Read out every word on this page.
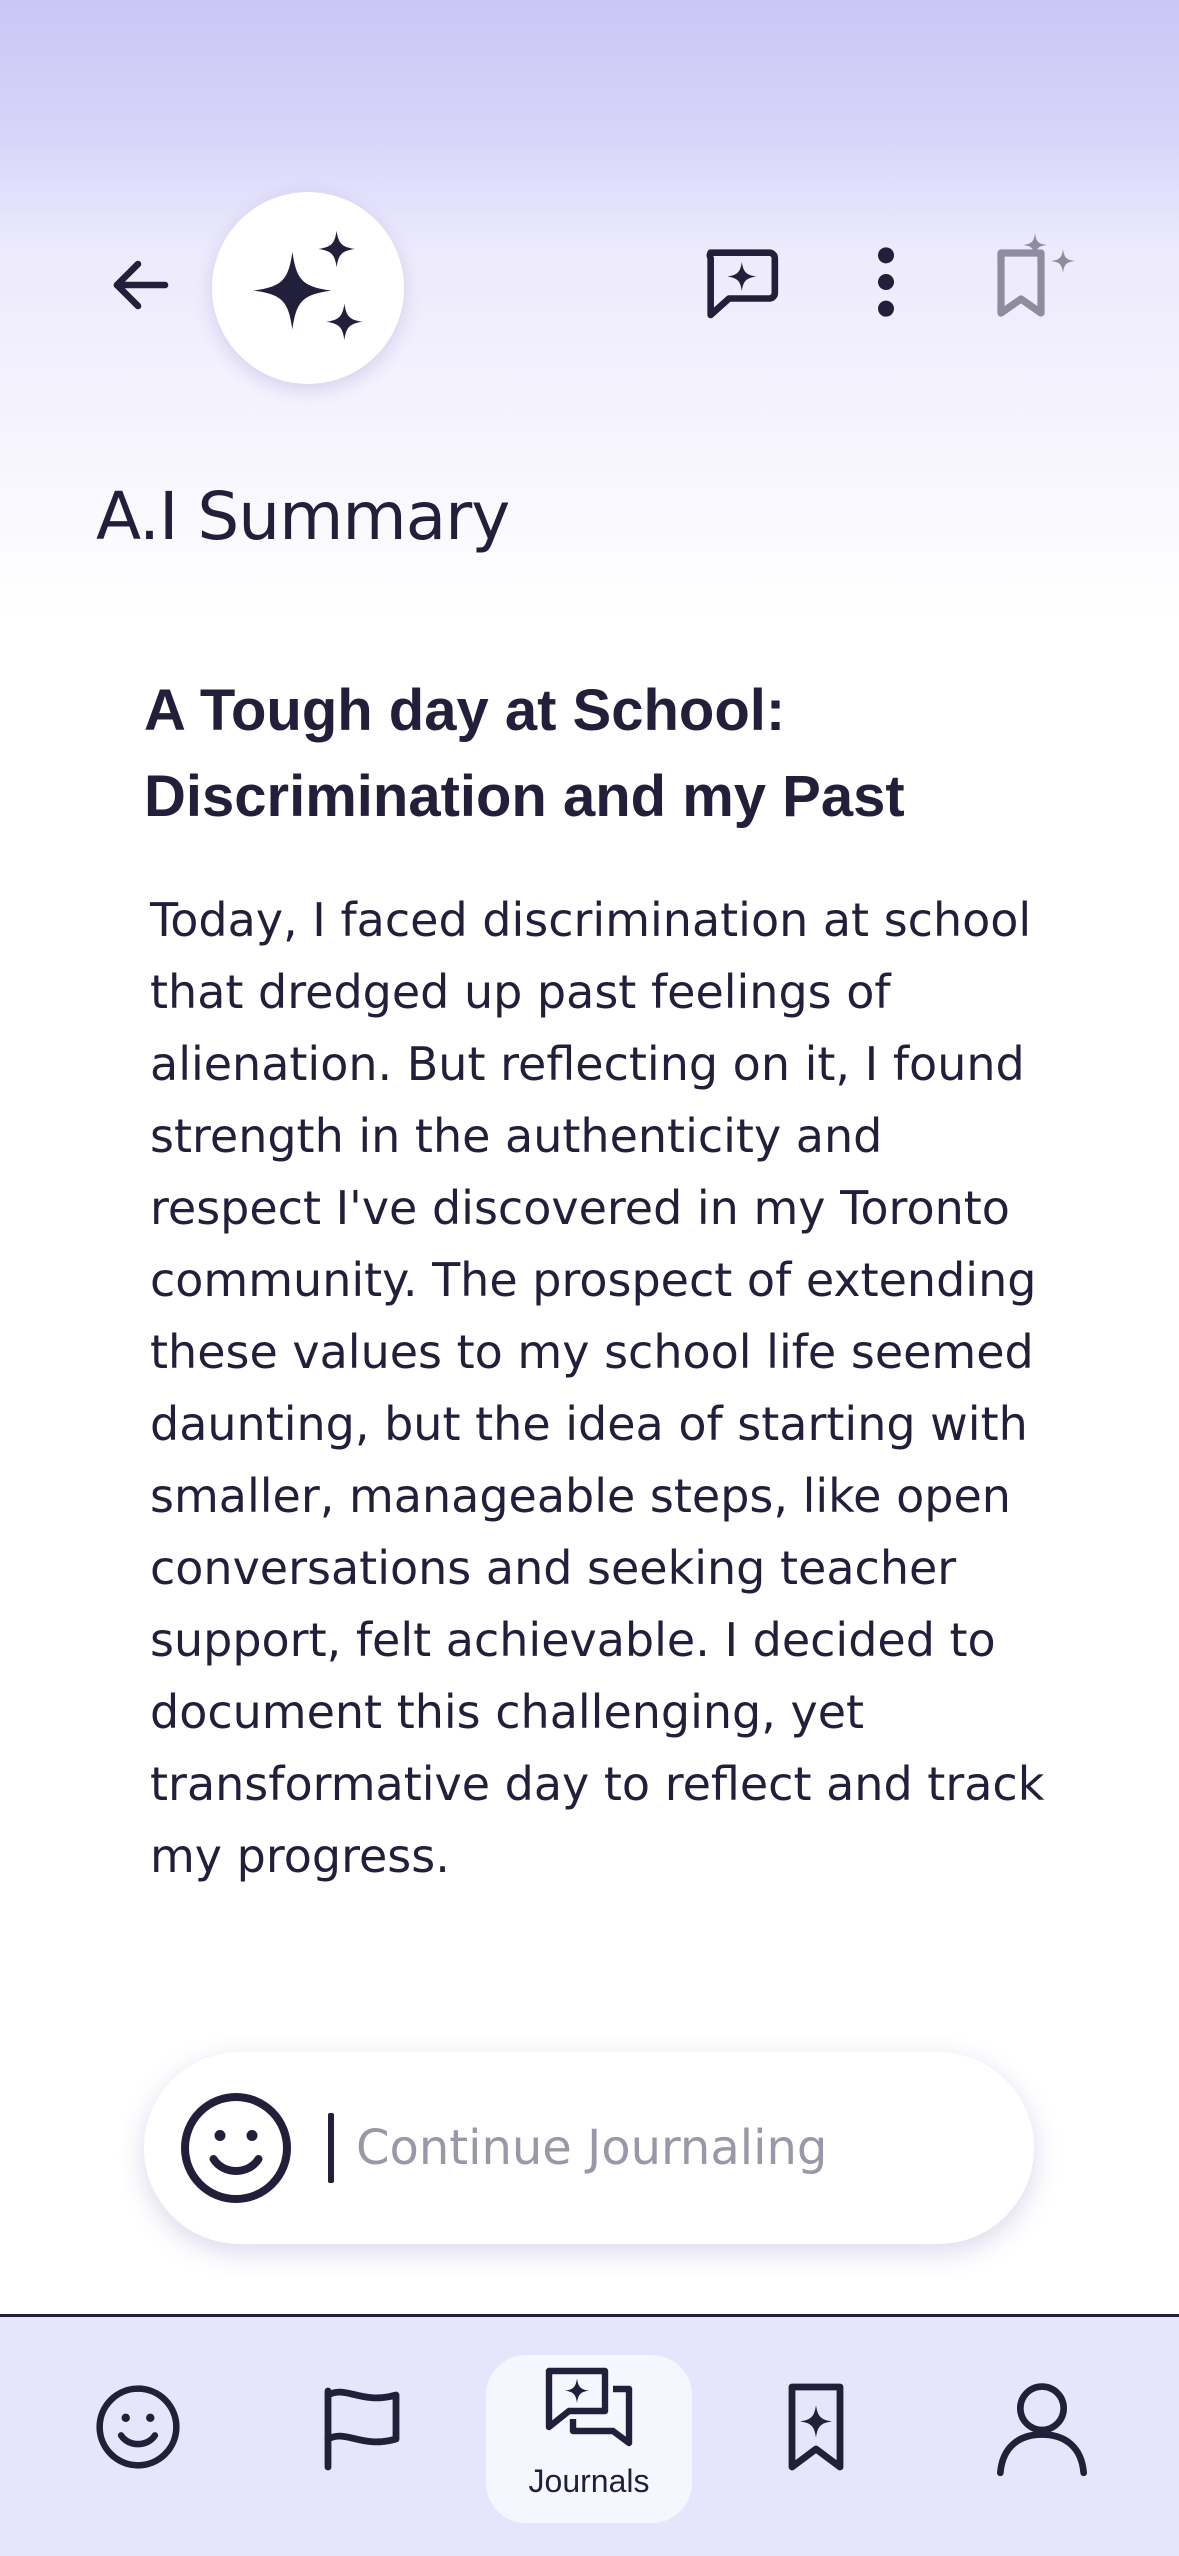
A.I Summary
A Tough day at School: Discrimination and my Past

Today, I faced discrimination at school that dredged up past feelings of alienation. But reflecting on it, I found strength in the authenticity and respect I've discovered in my Toronto community. The prospect of extending these values to my school life seemed daunting, but the idea of starting with smaller, manageable steps, like open conversations and seeking teacher support, felt achievable. I decided to document this challenging, yet transformative day to reflect and track my progress.

Continue Journaling
Journals
